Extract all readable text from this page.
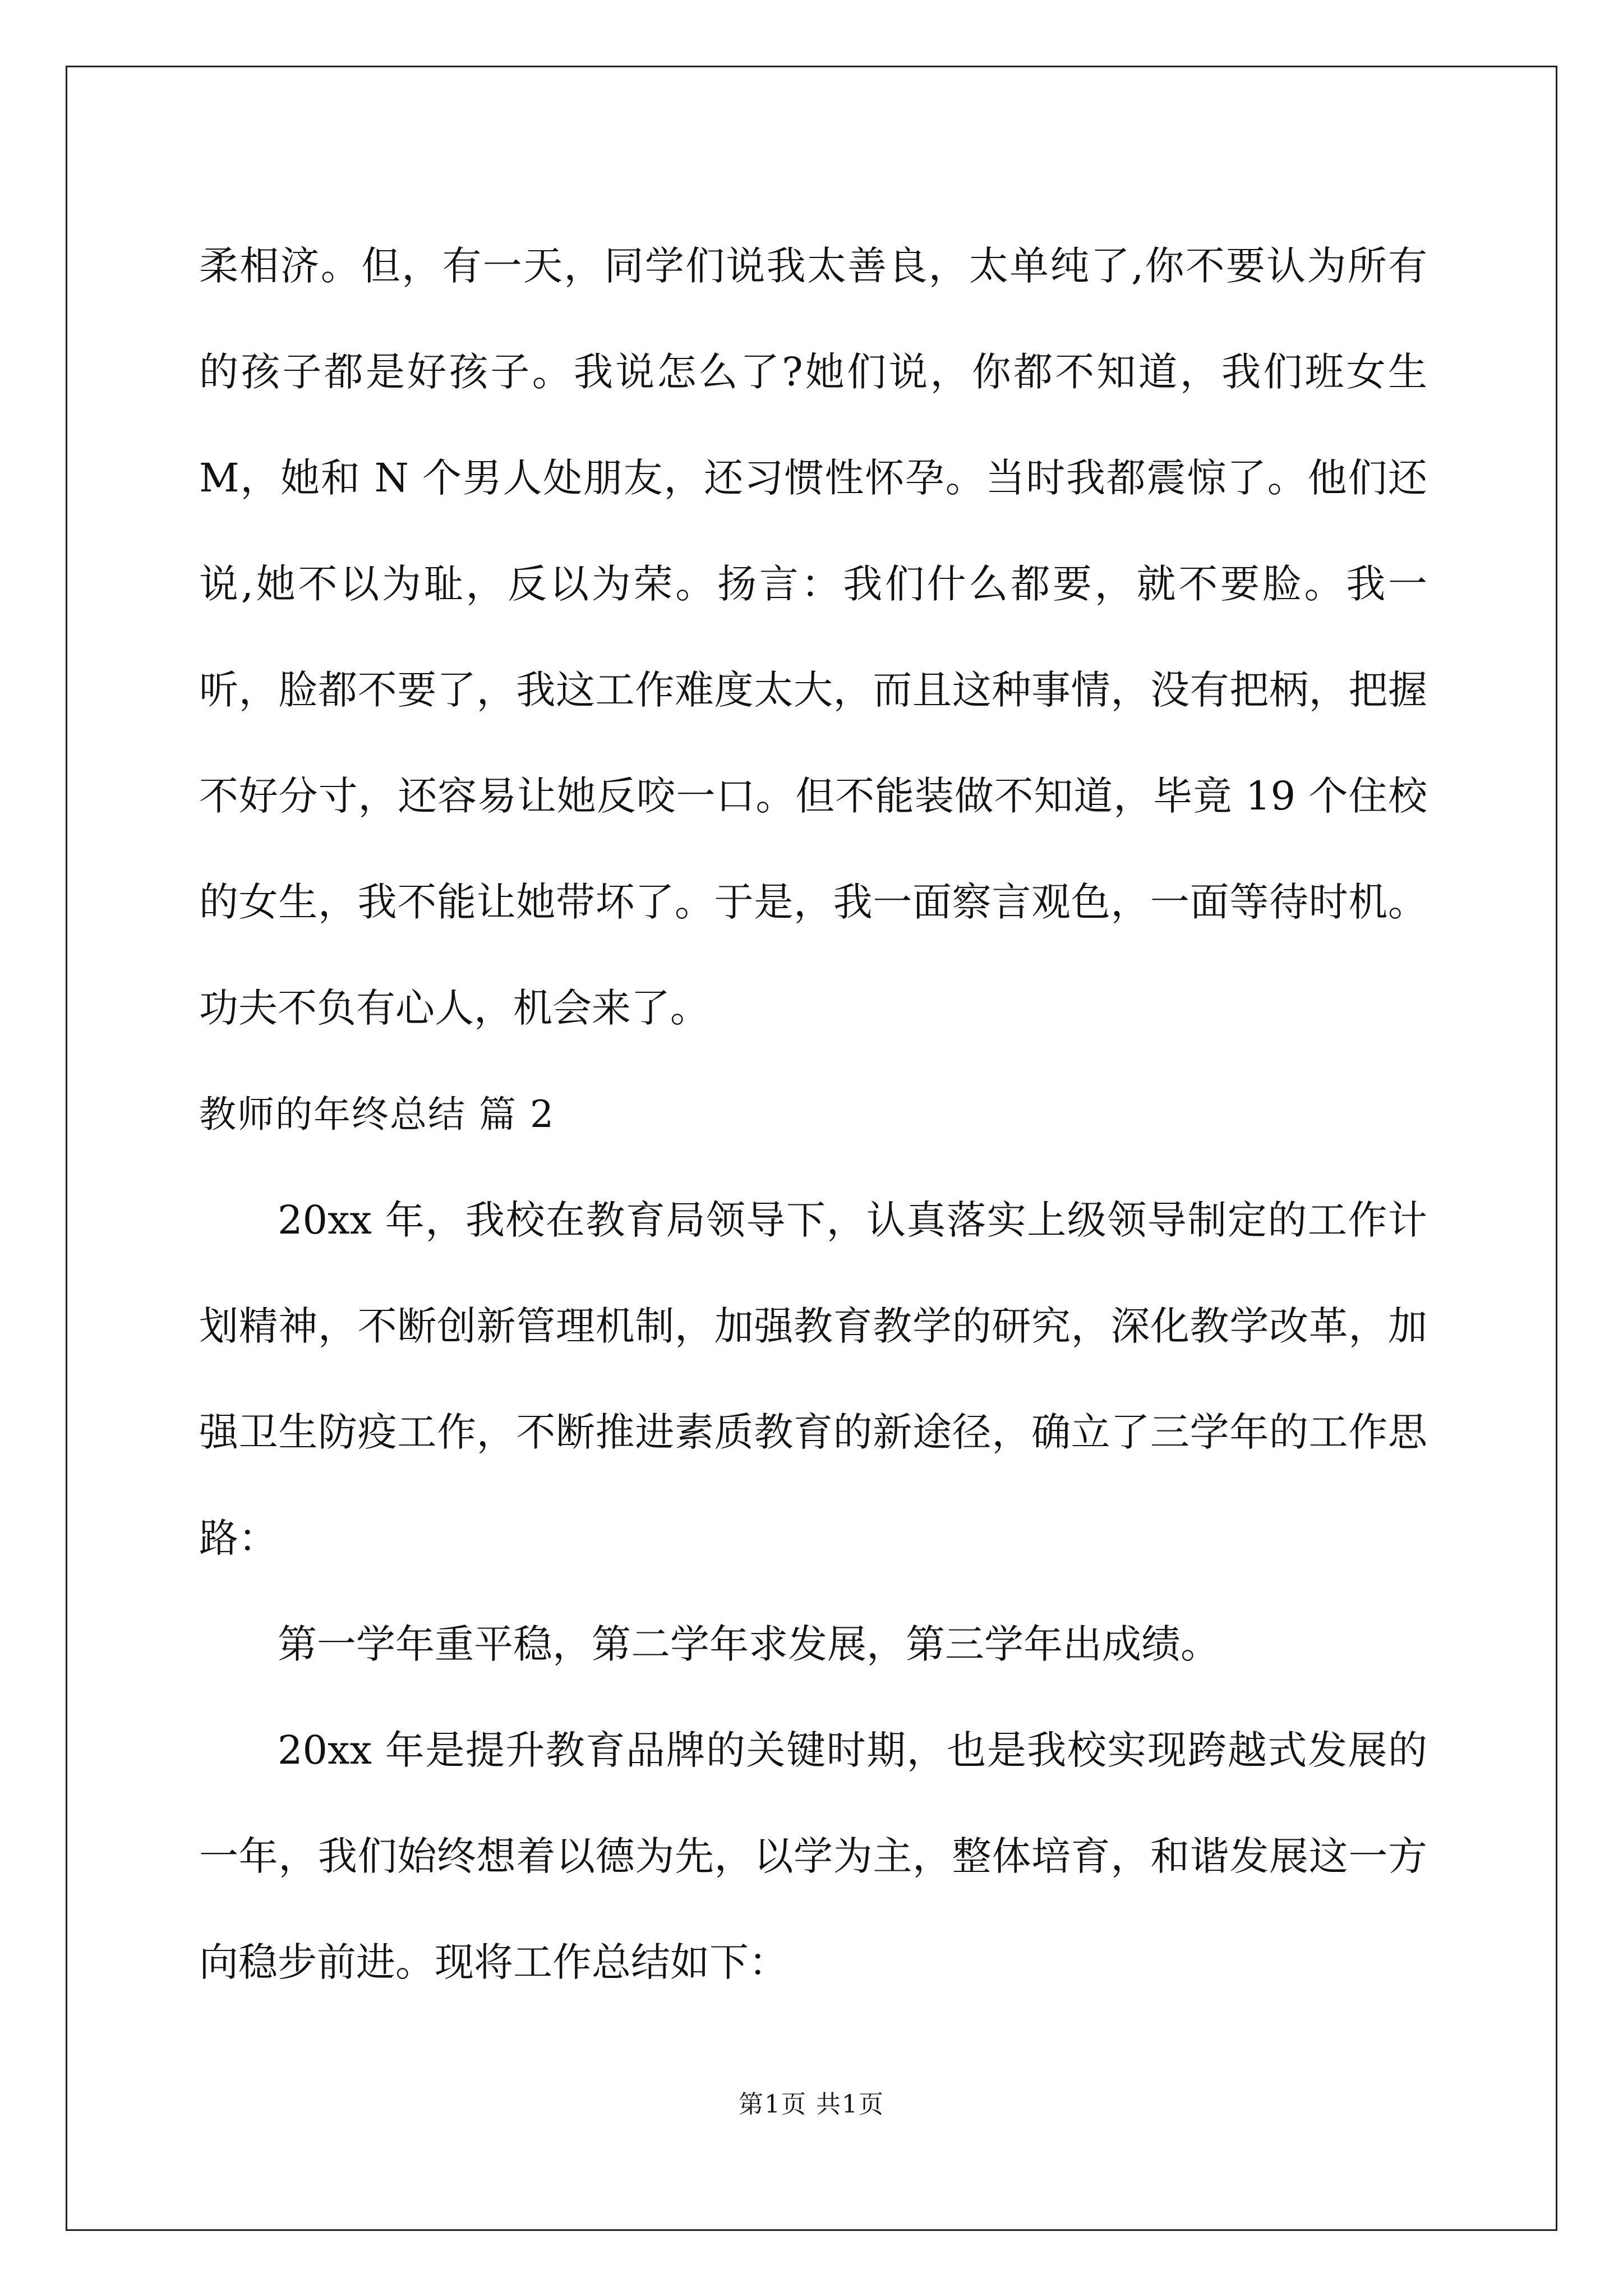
柔相济。但，有一天，同学们说我太善良，太单纯了,你不要认为所有的孩子都是好孩子。我说怎么了?她们说，你都不知道，我们班女生M，她和 N 个男人处朋友，还习惯性怀孕。当时我都震惊了。他们还说,她不以为耻，反以为荣。扬言：我们什么都要，就不要脸。我一听，脸都不要了，我这工作难度太大，而且这种事情，没有把柄，把握不好分寸，还容易让她反咬一口。但不能装做不知道，毕竟 19 个住校的女生，我不能让她带坏了。于是，我一面察言观色，一面等待时机。功夫不负有心人，机会来了。

教师的年终总结 篇 2

20xx 年，我校在教育局领导下，认真落实上级领导制定的工作计划精神，不断创新管理机制，加强教育教学的研究，深化教学改革，加强卫生防疫工作，不断推进素质教育的新途径，确立了三学年的工作思路：

第一学年重平稳，第二学年求发展，第三学年出成绩。

20xx 年是提升教育品牌的关键时期，也是我校实现跨越式发展的一年，我们始终想着以德为先，以学为主，整体培育，和谐发展这一方向稳步前进。现将工作总结如下：

第1页 共1页
